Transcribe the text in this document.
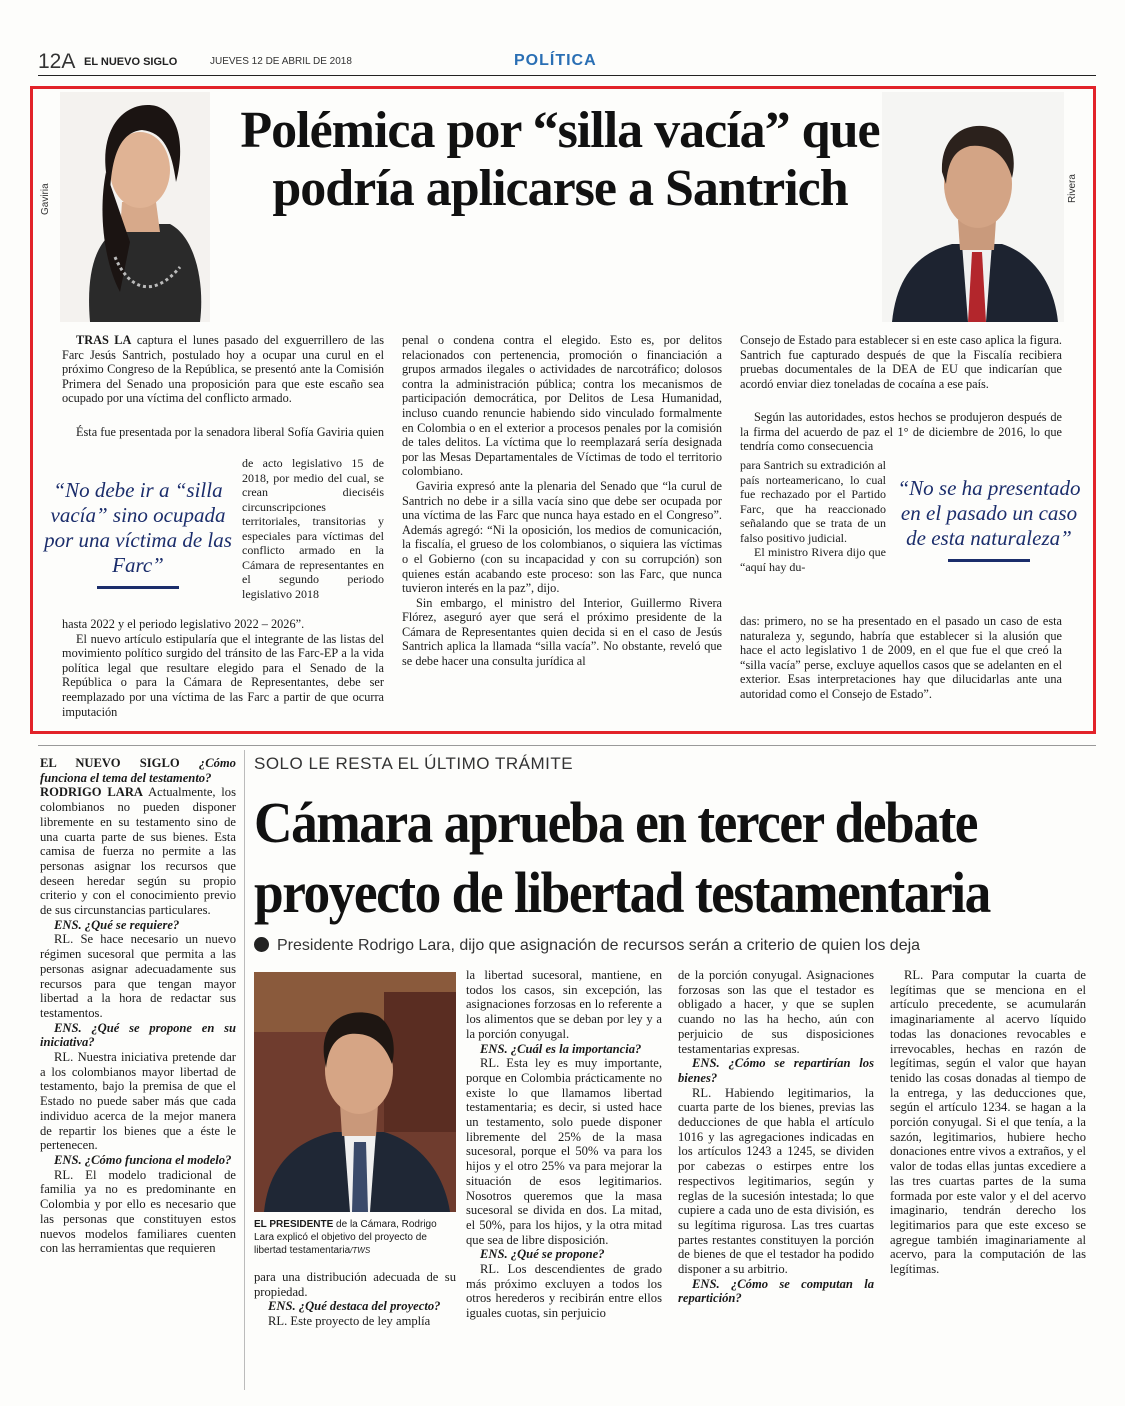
12A EL NUEVO SIGLO	JUEVES 12 DE ABRIL DE 2018	POLÍTICA
Gaviria	Rivera
Polémica por “silla vacía” que podría aplicarse a Santrich

TRAS LA captura el lunes pasado del exguerrillero de las Farc Jesús Santrich, postulado hoy a ocupar una curul en el próximo Congreso de la República, se presentó ante la Comisión Primera del Senado una proposición para que este escaño sea ocupado por una víctima del conflicto armado.

Ésta fue presentada por la senadora liberal Sofía Gaviria quien

de acto legislativo 15 de 2018, por medio del cual, se crean dieciséis circunscripciones territoriales, transitorias y especiales para víctimas del conflicto armado en la Cámara de representantes en el segundo periodo legislativo 2018

hasta 2022 y el periodo legislativo 2022 – 2026”.

El nuevo artículo estipularía que el integrante de las listas del movimiento político surgido del tránsito de las Farc-EP a la vida política legal que resultare elegido para el Senado de la República o para la Cámara de Representantes, debe ser reemplazado por una víctima de las Farc a partir de que ocurra imputación

“No debe ir a “silla vacía” sino ocupada por una víctima de las Farc”

penal o condena contra el elegido. Esto es, por delitos relacionados con pertenencia, promoción o financiación a grupos armados ilegales o actividades de narcotráfico; dolosos contra la administración pública; contra los mecanismos de participación democrática, por Delitos de Lesa Humanidad, incluso cuando renuncie habiendo sido vinculado formalmente en Colombia o en el exterior a procesos penales por la comisión de tales delitos. La víctima que lo reemplazará sería designada por las Mesas Departamentales de Víctimas de todo el territorio colombiano.

Gaviria expresó ante la plenaria del Senado que “la curul de Santrich no debe ir a silla vacía sino que debe ser ocupada por una víctima de las Farc que nunca haya estado en el Congreso”. Además agregó: “Ni la oposición, los medios de comunicación, la fiscalía, el grueso de los colombianos, o siquiera las víctimas o el Gobierno (con su incapacidad y con su corrupción) son quienes están acabando este proceso: son las Farc, que nunca tuvieron interés en la paz”, dijo.

Sin embargo, el ministro del Interior, Guillermo Rivera Flórez, aseguró ayer que será el próximo presidente de la Cámara de Representantes quien decida si en el caso de Jesús Santrich aplica la llamada “silla vacía”. No obstante, reveló que se debe hacer una consulta jurídica al

Consejo de Estado para establecer si en este caso aplica la figura. Santrich fue capturado después de que la Fiscalía recibiera pruebas documentales de la DEA de EU que indicarían que acordó enviar diez toneladas de cocaína a ese país.

Según las autoridades, estos hechos se produjeron después de la firma del acuerdo de paz el 1° de diciembre de 2016, lo que tendría como consecuencia

para Santrich su extradición al país norteamericano, lo cual fue rechazado por el Partido Farc, que ha reaccionado señalando que se trata de un falso positivo judicial.

El ministro Rivera dijo que “aquí hay du-

das: primero, no se ha presentado en el pasado un caso de esta naturaleza y, segundo, habría que establecer si la alusión que hace el acto legislativo 1 de 2009, en el que fue el que creó la “silla vacía” perse, excluye aquellos casos que se adelanten en el exterior. Esas interpretaciones hay que dilucidarlas ante una autoridad como el Consejo de Estado”.

“No se ha presentado en el pasado un caso de esta naturaleza”

EL NUEVO SIGLO ¿Cómo funciona el tema del testamento?

RODRIGO LARA Actualmente, los colombianos no pueden disponer libremente en su testamento sino de una cuarta parte de sus bienes. Esta camisa de fuerza no permite a las personas asignar los recursos que deseen heredar según su propio criterio y con el conocimiento previo de sus circunstancias particulares.

ENS. ¿Qué se requiere?

RL. Se hace necesario un nuevo régimen sucesoral que permita a las personas asignar adecuadamente sus recursos para que tengan mayor libertad a la hora de redactar sus testamentos.

ENS. ¿Qué se propone en su iniciativa?

RL. Nuestra iniciativa pretende dar a los colombianos mayor libertad de testamento, bajo la premisa de que el Estado no puede saber más que cada individuo acerca de la mejor manera de repartir los bienes que a éste le pertenecen.

ENS. ¿Cómo funciona el modelo?

RL. El modelo tradicional de familia ya no es predominante en Colombia y por ello es necesario que las personas que constituyen estos nuevos modelos familiares cuenten con las herramientas que requieren

SOLO LE RESTA EL ÚLTIMO TRÁMITE
Cámara aprueba en tercer debate proyecto de libertad testamentaria
Presidente Rodrigo Lara, dijo que asignación de recursos serán a criterio de quien los deja
EL PRESIDENTE de la Cámara, Rodrigo Lara explicó el objetivo del proyecto de libertad testamentaria/TWS

para una distribución adecuada de su propiedad.

ENS. ¿Qué destaca del proyecto?

RL. Este proyecto de ley amplía

la libertad sucesoral, mantiene, en todos los casos, sin excepción, las asignaciones forzosas en lo referente a los alimentos que se deban por ley y a la porción conyugal.

ENS. ¿Cuál es la importancia?

RL. Esta ley es muy importante, porque en Colombia prácticamente no existe lo que llamamos libertad testamentaria; es decir, si usted hace un testamento, solo puede disponer libremente del 25% de la masa sucesoral, porque el 50% va para los hijos y el otro 25% va para mejorar la situación de esos legitimarios. Nosotros queremos que la masa sucesoral se divida en dos. La mitad, el 50%, para los hijos, y la otra mitad que sea de libre disposición.

ENS. ¿Qué se propone?

RL. Los descendientes de grado más próximo excluyen a todos los otros herederos y recibirán entre ellos iguales cuotas, sin perjuicio

de la porción conyugal. Asignaciones forzosas son las que el testador es obligado a hacer, y que se suplen cuando no las ha hecho, aún con perjuicio de sus disposiciones testamentarias expresas.

ENS. ¿Cómo se repartirían los bienes?

RL. Habiendo legitimarios, la cuarta parte de los bienes, previas las deducciones de que habla el artículo 1016 y las agregaciones indicadas en los artículos 1243 a 1245, se dividen por cabezas o estirpes entre los respectivos legitimarios, según y reglas de la sucesión intestada; lo que cupiere a cada uno de esta división, es su legítima rigurosa. Las tres cuartas partes restantes constituyen la porción de bienes de que el testador ha podido disponer a su arbitrio.

ENS. ¿Cómo se computan la repartición?

RL. Para computar la cuarta de legítimas que se menciona en el artículo precedente, se acumularán imaginariamente al acervo líquido todas las donaciones revocables e irrevocables, hechas en razón de legítimas, según el valor que hayan tenido las cosas donadas al tiempo de la entrega, y las deducciones que, según el artículo 1234. se hagan a la porción conyugal. Si el que tenía, a la sazón, legitimarios, hubiere hecho donaciones entre vivos a extraños, y el valor de todas ellas juntas excediere a las tres cuartas partes de la suma formada por este valor y el del acervo imaginario, tendrán derecho los legitimarios para que este exceso se agregue también imaginariamente al acervo, para la computación de las legítimas.
